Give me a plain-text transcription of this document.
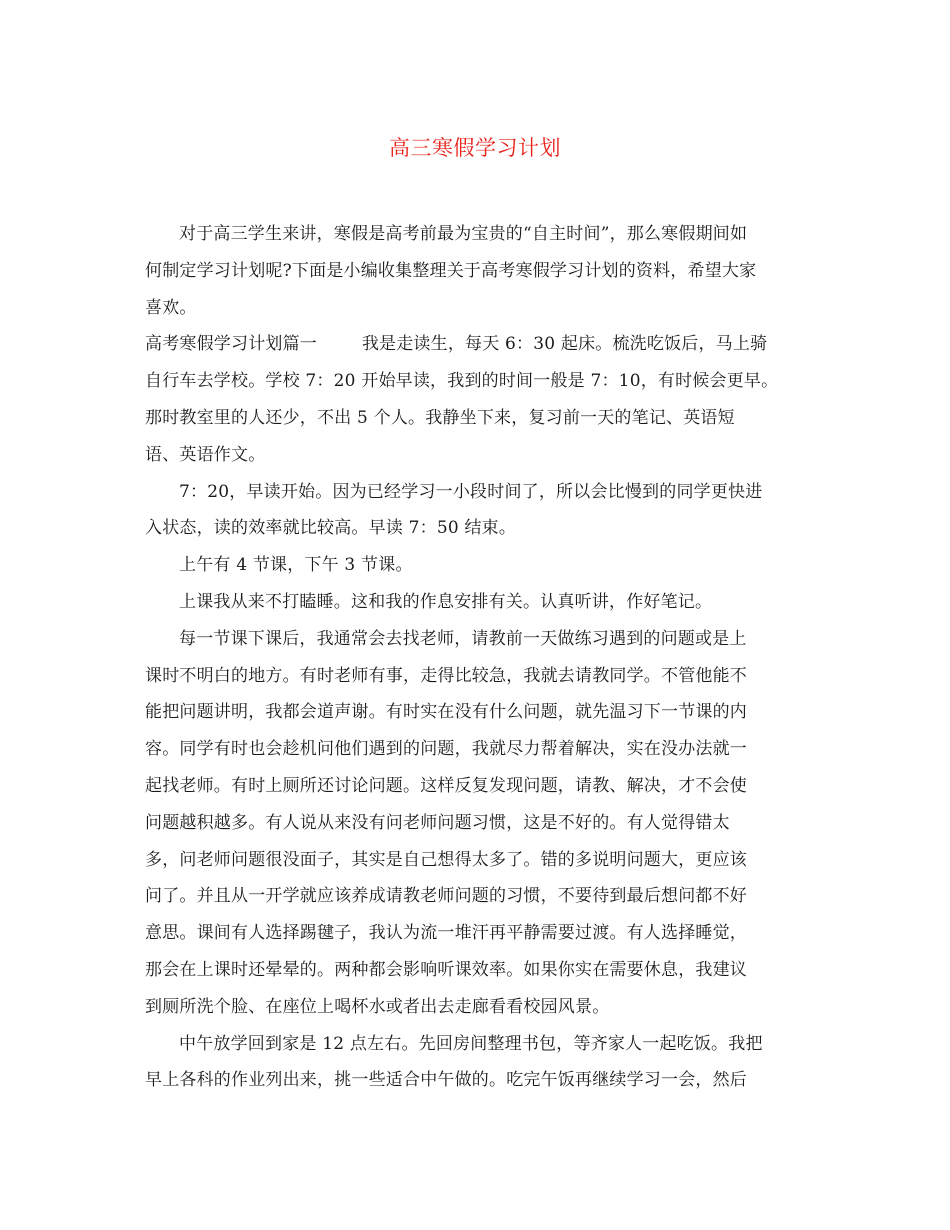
高三寒假学习计划
对于高三学生来讲，寒假是高考前最为宝贵的“自主时间”，那么寒假期间如
何制定学习计划呢?下面是小编收集整理关于高考寒假学习计划的资料，希望大家
喜欢。
高考寒假学习计划篇一        我是走读生，每天 6：30 起床。梳洗吃饭后，马上骑
自行车去学校。学校 7：20 开始早读，我到的时间一般是 7：10，有时候会更早。
那时教室里的人还少，不出 5 个人。我静坐下来，复习前一天的笔记、英语短
语、英语作文。
7：20，早读开始。因为已经学习一小段时间了，所以会比慢到的同学更快进
入状态，读的效率就比较高。早读 7：50 结束。
上午有 4 节课，下午 3 节课。
上课我从来不打瞌睡。这和我的作息安排有关。认真听讲，作好笔记。
每一节课下课后，我通常会去找老师，请教前一天做练习遇到的问题或是上
课时不明白的地方。有时老师有事，走得比较急，我就去请教同学。不管他能不
能把问题讲明，我都会道声谢。有时实在没有什么问题，就先温习下一节课的内
容。同学有时也会趁机问他们遇到的问题，我就尽力帮着解决，实在没办法就一
起找老师。有时上厕所还讨论问题。这样反复发现问题，请教、解决，才不会使
问题越积越多。有人说从来没有问老师问题习惯，这是不好的。有人觉得错太
多，问老师问题很没面子，其实是自己想得太多了。错的多说明问题大，更应该
问了。并且从一开学就应该养成请教老师问题的习惯，不要待到最后想问都不好
意思。课间有人选择踢毽子，我认为流一堆汗再平静需要过渡。有人选择睡觉，
那会在上课时还晕晕的。两种都会影响听课效率。如果你实在需要休息，我建议
到厕所洗个脸、在座位上喝杯水或者出去走廊看看校园风景。
中午放学回到家是 12 点左右。先回房间整理书包，等齐家人一起吃饭。我把
早上各科的作业列出来，挑一些适合中午做的。吃完午饭再继续学习一会，然后
